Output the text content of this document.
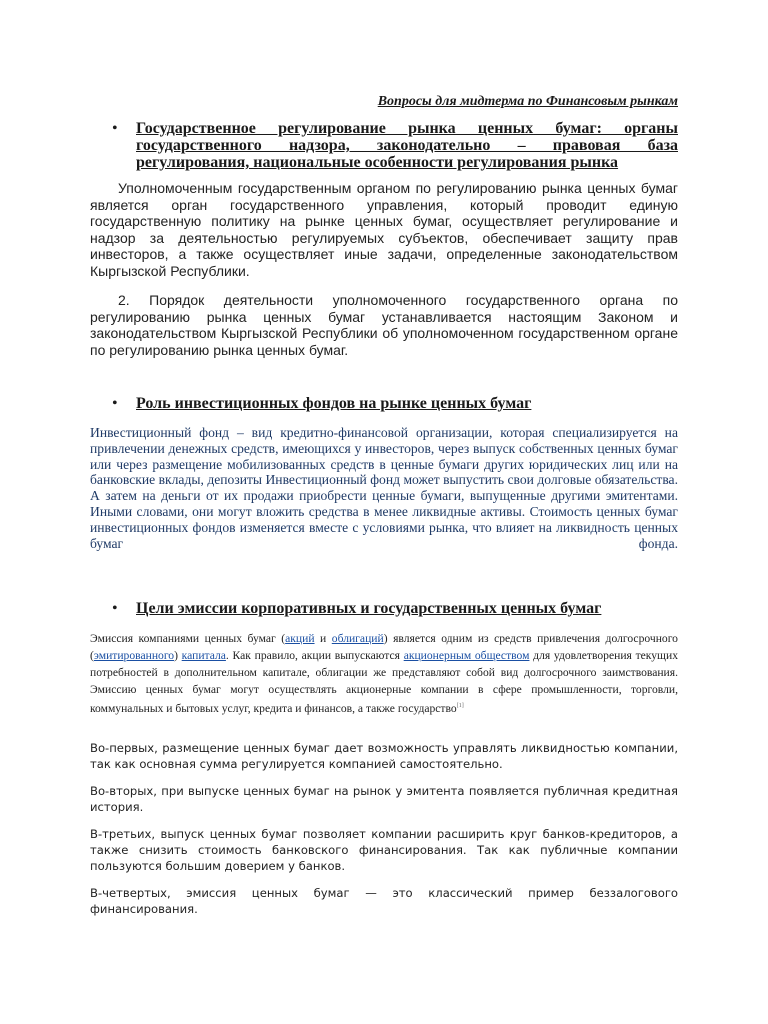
Вопросы для мидтерма по Финансовым рынкам
•	Государственное регулирование рынка ценных бумаг: органы государственного надзора, законодательно – правовая база регулирования, национальные особенности регулирования рынка
Уполномоченным государственным органом по регулированию рынка ценных бумаг является орган государственного управления, который проводит единую государственную политику на рынке ценных бумаг, осуществляет регулирование и надзор за деятельностью регулируемых субъектов, обеспечивает защиту прав инвесторов, а также осуществляет иные задачи, определенные законодательством Кыргызской Республики.
2. Порядок деятельности уполномоченного государственного органа по регулированию рынка ценных бумаг устанавливается настоящим Законом и законодательством Кыргызской Республики об уполномоченном государственном органе по регулированию рынка ценных бумаг.
•	Роль инвестиционных фондов на рынке ценных бумаг
Инвестиционный фонд – вид кредитно-финансовой организации, которая специализируется на привлечении денежных средств, имеющихся у инвесторов, через выпуск собственных ценных бумаг или через размещение мобилизованных средств в ценные бумаги других юридических лиц или на банковские вклады, депозиты Инвестиционный фонд может выпустить свои долговые обязательства. А затем на деньги от их продажи приобрести ценные бумаги, выпущенные другими эмитентами. Иными словами, они могут вложить средства в менее ликвидные активы. Стоимость ценных бумаг инвестиционных фондов изменяется вместе с условиями рынка, что влияет на ликвидность ценных бумаг фонда.
•	Цели эмиссии корпоративных и государственных ценных бумаг
Эмиссия компаниями ценных бумаг (акций и облигаций) является одним из средств привлечения долгосрочного (эмитированного) капитала. Как правило, акции выпускаются акционерным обществом для удовлетворения текущих потребностей в дополнительном капитале, облигации же представляют собой вид долгосрочного заимствования. Эмиссию ценных бумаг могут осуществлять акционерные компании в сфере промышленности, торговли, коммунальных и бытовых услуг, кредита и финансов, а также государство[1]
Во-первых, размещение ценных бумаг дает возможность управлять ликвидностью компании, так как основная сумма регулируется компанией самостоятельно.
Во-вторых, при выпуске ценных бумаг на рынок у эмитента появляется публичная кредитная история.
В-третьих, выпуск ценных бумаг позволяет компании расширить круг банков-кредиторов, а также снизить стоимость банковского финансирования. Так как публичные компании пользуются большим доверием у банков.
В-четвертых, эмиссия ценных бумаг — это классический пример беззалогового финансирования.
